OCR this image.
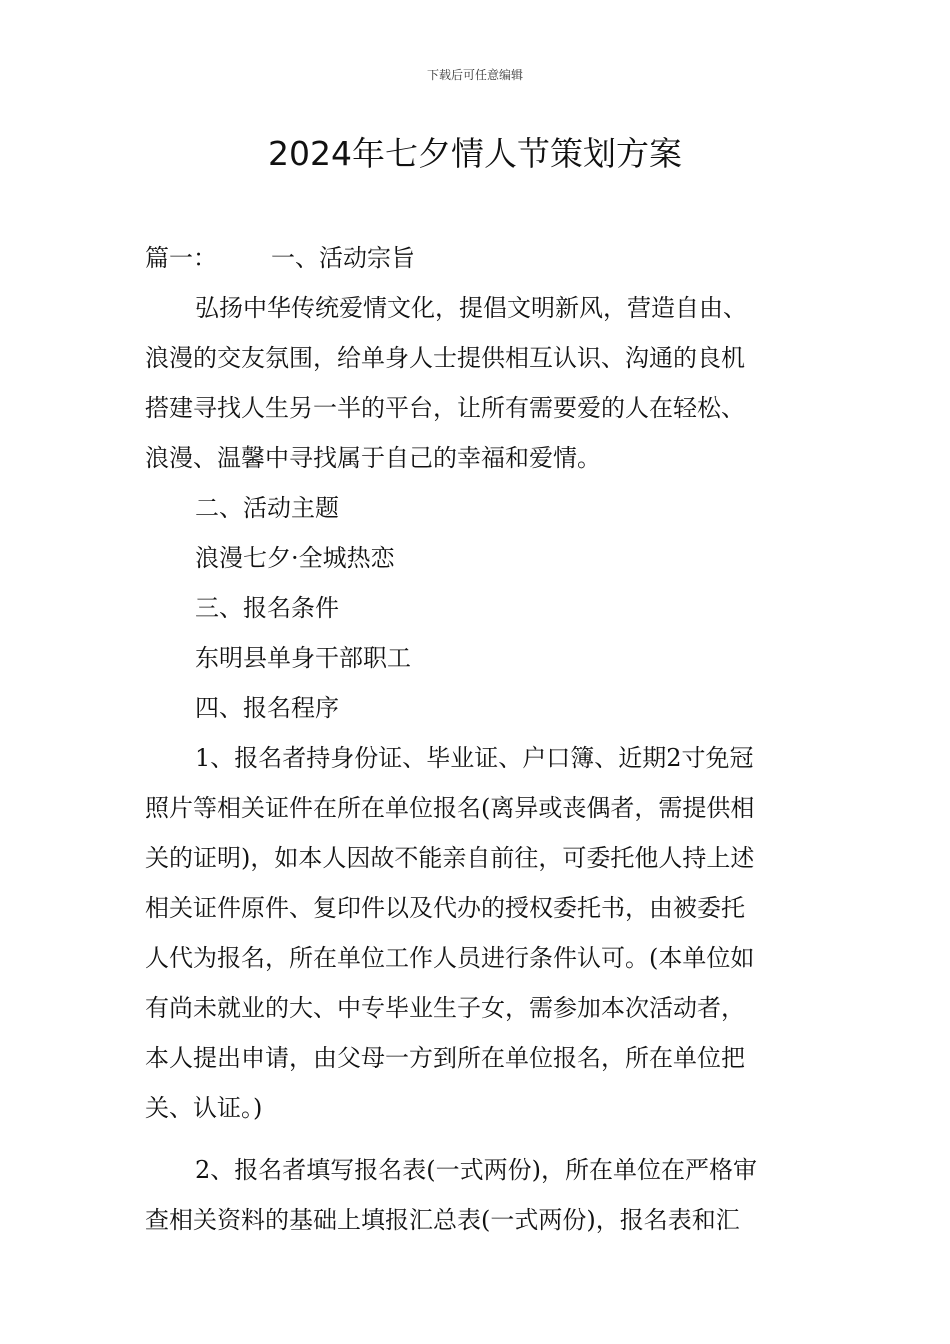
下载后可任意编辑
2024年七夕情人节策划方案
篇一： 一、活动宗旨
弘扬中华传统爱情文化，提倡文明新风，营造自由、
浪漫的交友氛围，给单身人士提供相互认识、沟通的良机
搭建寻找人生另一半的平台，让所有需要爱的人在轻松、
浪漫、温馨中寻找属于自己的幸福和爱情。
二、活动主题
浪漫七夕·全城热恋
三、报名条件
东明县单身干部职工
四、报名程序
1、报名者持身份证、毕业证、户口簿、近期2寸免冠
照片等相关证件在所在单位报名(离异或丧偶者，需提供相
关的证明)，如本人因故不能亲自前往，可委托他人持上述
相关证件原件、复印件以及代办的授权委托书，由被委托
人代为报名，所在单位工作人员进行条件认可。(本单位如
有尚未就业的大、中专毕业生子女，需参加本次活动者，
本人提出申请，由父母一方到所在单位报名，所在单位把
关、认证。)
2、报名者填写报名表(一式两份)，所在单位在严格审
查相关资料的基础上填报汇总表(一式两份)，报名表和汇
